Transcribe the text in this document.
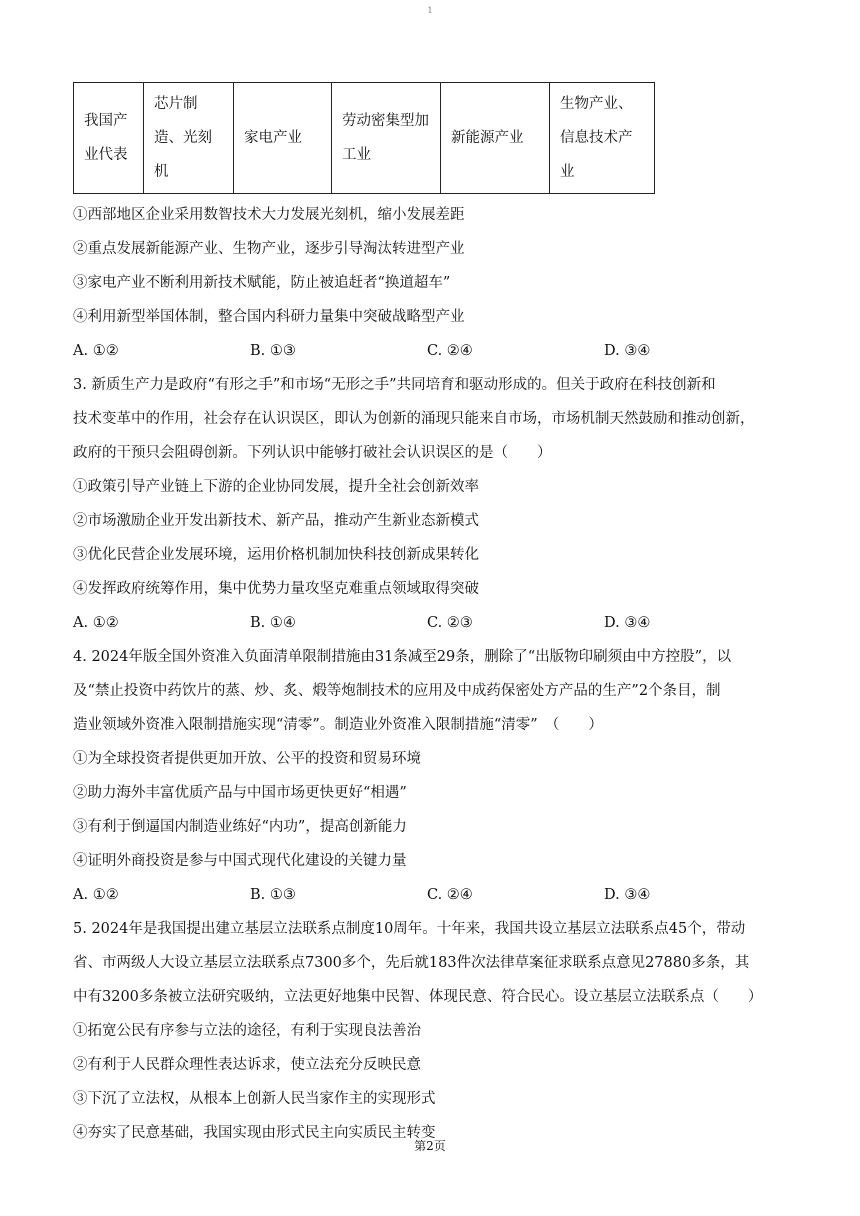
1
我国产业代表	芯片制造、光刻机	家电产业	劳动密集型加工业	新能源产业	生物产业、信息技术产业
①西部地区企业采用数智技术大力发展光刻机，缩小发展差距
②重点发展新能源产业、生物产业，逐步引导淘汰转进型产业
③家电产业不断利用新技术赋能，防止被追赶者“换道超车”
④利用新型举国体制，整合国内科研力量集中突破战略型产业
A. ①②	B. ①③	C. ②④	D. ③④
3. 新质生产力是政府“有形之手”和市场“无形之手”共同培育和驱动形成的。但关于政府在科技创新和
技术变革中的作用，社会存在认识误区，即认为创新的涌现只能来自市场，市场机制天然鼓励和推动创新，
政府的干预只会阻碍创新。下列认识中能够打破社会认识误区的是（　　）
①政策引导产业链上下游的企业协同发展，提升全社会创新效率
②市场激励企业开发出新技术、新产品，推动产生新业态新模式
③优化民营企业发展环境，运用价格机制加快科技创新成果转化
④发挥政府统筹作用，集中优势力量攻坚克难重点领域取得突破
A. ①②	B. ①④	C. ②③	D. ③④
4. 2024年版全国外资准入负面清单限制措施由31条减至29条，删除了“出版物印刷须由中方控股”，以
及“禁止投资中药饮片的蒸、炒、炙、煅等炮制技术的应用及中成药保密处方产品的生产”2个条目，制
造业领域外资准入限制措施实现“清零”。制造业外资准入限制措施“清零”　（　　）
①为全球投资者提供更加开放、公平的投资和贸易环境
②助力海外丰富优质产品与中国市场更快更好“相遇”
③有利于倒逼国内制造业练好“内功”，提高创新能力
④证明外商投资是参与中国式现代化建设的关键力量
A. ①②	B. ①③	C. ②④	D. ③④
5. 2024年是我国提出建立基层立法联系点制度10周年。十年来，我国共设立基层立法联系点45个，带动
省、市两级人大设立基层立法联系点7300多个，先后就183件次法律草案征求联系点意见27880多条，其
中有3200多条被立法研究吸纳，立法更好地集中民智、体现民意、符合民心。设立基层立法联系点（　　）
①拓宽公民有序参与立法的途径，有利于实现良法善治
②有利于人民群众理性表达诉求，使立法充分反映民意
③下沉了立法权，从根本上创新人民当家作主的实现形式
④夯实了民意基础，我国实现由形式民主向实质民主转变
第2页
